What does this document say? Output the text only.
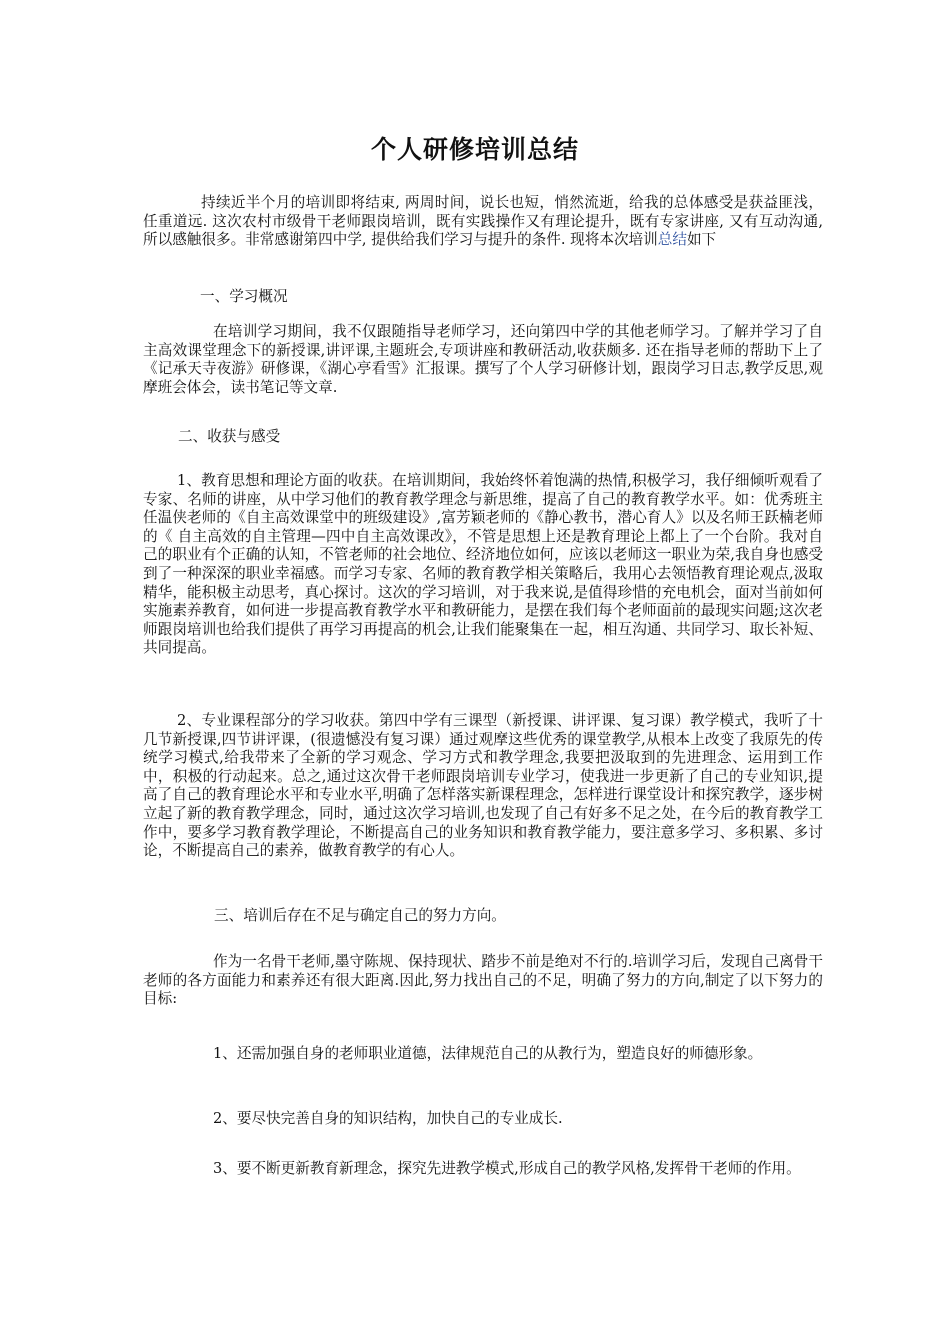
个人研修培训总结

持续近半个月的培训即将结束, 两周时间，说长也短，悄然流逝，给我的总体感受是获益匪浅，任重道远. 这次农村市级骨干老师跟岗培训，既有实践操作又有理论提升，既有专家讲座, 又有互动沟通, 所以感触很多。非常感谢第四中学, 提供给我们学习与提升的条件. 现将本次培训总结如下

一、学习概况

在培训学习期间，我不仅跟随指导老师学习，还向第四中学的其他老师学习。了解并学习了自主高效课堂理念下的新授课,讲评课,主题班会,专项讲座和教研活动,收获颇多. 还在指导老师的帮助下上了《记承天寺夜游》研修课，《湖心亭看雪》汇报课。撰写了个人学习研修计划，跟岗学习日志,教学反思,观摩班会体会，读书笔记等文章.

二、收获与感受

1、教育思想和理论方面的收获。在培训期间，我始终怀着饱满的热情,积极学习，我仔细倾听观看了专家、名师的讲座，从中学习他们的教育教学理念与新思维，提高了自己的教育教学水平。如：优秀班主任温侠老师的《自主高效课堂中的班级建设》,富芳颖老师的《静心教书，潜心育人》以及名师王跃楠老师的《 自主高效的自主管理—四中自主高效课改》，不管是思想上还是教育理论上都上了一个台阶。我对自己的职业有个正确的认知，不管老师的社会地位、经济地位如何，应该以老师这一职业为荣,我自身也感受到了一种深深的职业幸福感。而学习专家、名师的教育教学相关策略后，我用心去领悟教育理论观点,汲取精华，能积极主动思考，真心探讨。这次的学习培训，对于我来说,是值得珍惜的充电机会，面对当前如何实施素养教育，如何进一步提高教育教学水平和教研能力，是摆在我们每个老师面前的最现实问题;这次老师跟岗培训也给我们提供了再学习再提高的机会,让我们能聚集在一起，相互沟通、共同学习、取长补短、共同提高。

2、专业课程部分的学习收获。第四中学有三课型（新授课、讲评课、复习课）教学模式，我听了十几节新授课,四节讲评课，(很遗憾没有复习课）通过观摩这些优秀的课堂教学,从根本上改变了我原先的传统学习模式,给我带来了全新的学习观念、学习方式和教学理念,我要把汲取到的先进理念、运用到工作中，积极的行动起来。总之,通过这次骨干老师跟岗培训专业学习，使我进一步更新了自己的专业知识,提高了自己的教育理论水平和专业水平,明确了怎样落实新课程理念，怎样进行课堂设计和探究教学，逐步树立起了新的教育教学理念，同时，通过这次学习培训,也发现了自己有好多不足之处，在今后的教育教学工作中，要多学习教育教学理论，不断提高自己的业务知识和教育教学能力，要注意多学习、多积累、多讨论，不断提高自己的素养，做教育教学的有心人。

三、培训后存在不足与确定自己的努力方向。

作为一名骨干老师,墨守陈规、保持现状、踏步不前是绝对不行的.培训学习后，发现自己离骨干老师的各方面能力和素养还有很大距离.因此,努力找出自己的不足，明确了努力的方向,制定了以下努力的目标:

1、还需加强自身的老师职业道德，法律规范自己的从教行为，塑造良好的师德形象。

2、要尽快完善自身的知识结构，加快自己的专业成长.

3、要不断更新教育新理念，探究先进教学模式,形成自己的教学风格,发挥骨干老师的作用。
